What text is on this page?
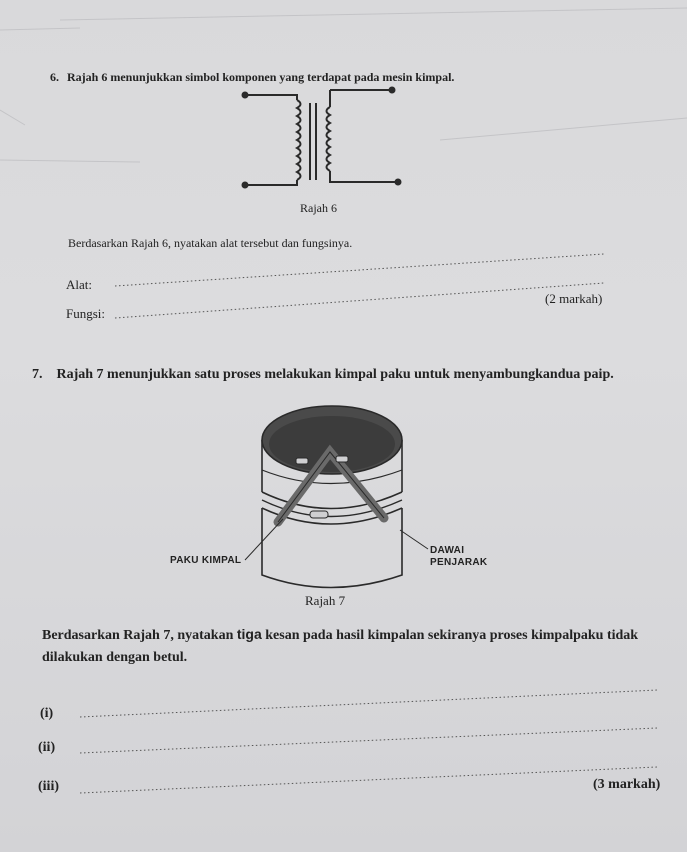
6. Rajah 6 menunjukkan simbol komponen yang terdapat pada mesin kimpal.
Rajah 6
Berdasarkan Rajah 6, nyatakan alat tersebut dan fungsinya.
Alat:
Fungsi:
(2 markah)
7. Rajah 7 menunjukkan satu proses melakukan kimpal paku untuk menyambungkandua paip.
PAKU KIMPAL
DAWAI
PENJARAK
Rajah 7
Berdasarkan Rajah 7, nyatakan tiga kesan pada hasil kimpalan sekiranya proses kimpalpaku tidak dilakukan dengan betul.
(i)
(ii)
(iii)	(3 markah)
